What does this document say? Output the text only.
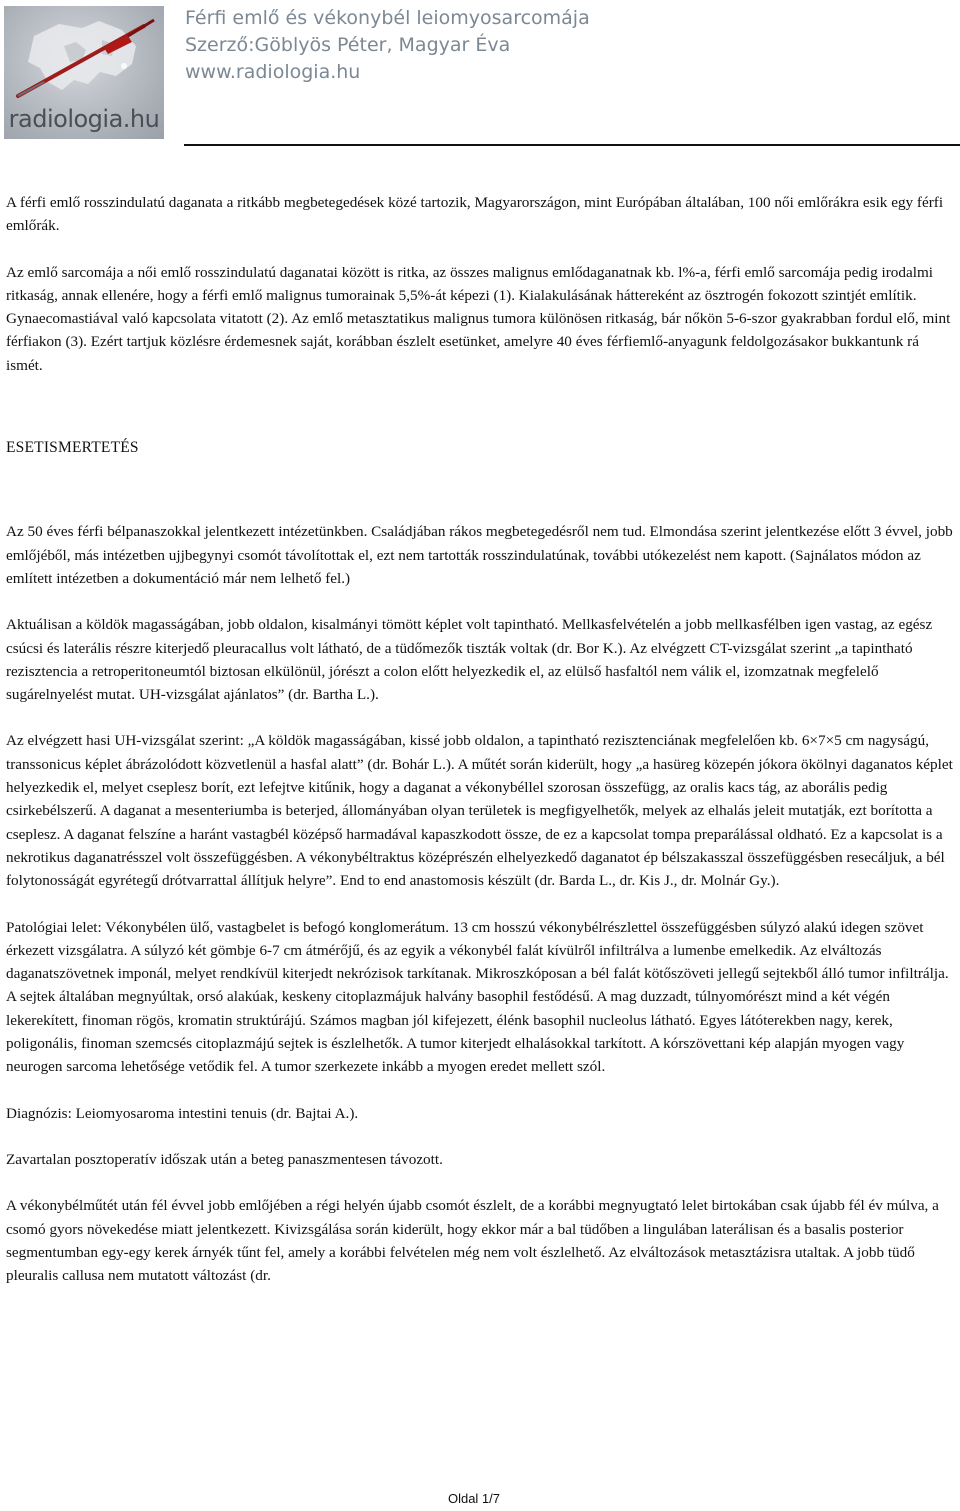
radiologia.hu
Férfi emlő és vékonybél leiomyosarcomája
Szerző:Göblyös Péter, Magyar Éva
www.radiologia.hu

A férfi emlő rosszindulatú daganata a ritkább megbetegedések közé tartozik, Magyarországon, mint Európában általában, 100 női emlőrákra esik egy férfi emlőrák.

Az emlő sarcomája a női emlő rosszindulatú daganatai között is ritka, az összes malignus emlődaganatnak kb. l%-a, férfi emlő sarcomája pedig irodalmi ritkaság, annak ellenére, hogy a férfi emlő malignus tumorainak 5,5%-át képezi (1). Kialakulásának háttereként az ösztrogén fokozott szintjét említik. Gynaecomastiával való kapcsolata vitatott (2). Az emlő metasztatikus malignus tumora különösen ritkaság, bár nőkön 5-6-szor gyakrabban fordul elő, mint férfiakon (3). Ezért tartjuk közlésre érdemesnek saját, korábban észlelt esetünket, amelyre 40 éves férfiemlő-anyagunk feldolgozásakor bukkantunk rá ismét.

ESETISMERTETÉS

Az 50 éves férfi bélpanaszokkal jelentkezett intézetünkben. Családjában rákos megbetegedésről nem tud. Elmondása szerint jelentkezése előtt 3 évvel, jobb emlőjéből, más intézetben ujjbegynyi csomót távolítottak el, ezt nem tartották rosszindulatúnak, további utókezelést nem kapott. (Sajnálatos módon az említett intézetben a dokumentáció már nem lelhető fel.)

Aktuálisan a köldök magasságában, jobb oldalon, kisalmányi tömött képlet volt tapintható. Mellkasfelvételén a jobb mellkasfélben igen vastag, az egész csúcsi és laterális részre kiterjedő pleuracallus volt látható, de a tüdőmezők tiszták voltak (dr. Bor K.). Az elvégzett CT-vizsgálat szerint „a tapintható rezisztencia a retroperitoneumtól biztosan elkülönül, jórészt a colon előtt helyezkedik el, az elülső hasfaltól nem válik el, izomzatnak megfelelő sugárelnyelést mutat. UH-vizsgálat ajánlatos” (dr. Bartha L.).

Az elvégzett hasi UH-vizsgálat szerint: „A köldök magasságában, kissé jobb oldalon, a tapintható rezisztenciának megfelelően kb. 6×7×5 cm nagyságú, transsonicus képlet ábrázolódott közvetlenül a hasfal alatt” (dr. Bohár L.). A műtét során kiderült, hogy „a hasüreg közepén jókora ökölnyi daganatos képlet helyezkedik el, melyet cseplesz borít, ezt lefejtve kitűnik, hogy a daganat a vékonybéllel szorosan összefügg, az oralis kacs tág, az aborális pedig csirkebélszerű. A daganat a mesenteriumba is beterjed, állományában olyan területek is megfigyelhetők, melyek az elhalás jeleit mutatják, ezt borította a cseplesz. A daganat felszíne a haránt vastagbél középső harmadával kapaszkodott össze, de ez a kapcsolat tompa preparálással oldható. Ez a kapcsolat is a nekrotikus daganatrésszel volt összefüggésben. A vékonybéltraktus középrészén elhelyezkedő daganatot ép bélszakasszal összefüggésben resecáljuk, a bél folytonosságát egyrétegű drótvarrattal állítjuk helyre”. End to end anastomosis készült (dr. Barda L., dr. Kis J., dr. Molnár Gy.).

Patológiai lelet: Vékonybélen ülő, vastagbelet is befogó konglomerátum. 13 cm hosszú vékonybélrészlettel összefüggésben súlyzó alakú idegen szövet érkezett vizsgálatra. A súlyzó két gömbje 6-7 cm átmérőjű, és az egyik a vékonybél falát kívülről infiltrálva a lumenbe emelkedik. Az elváltozás daganatszövetnek imponál, melyet rendkívül kiterjedt nekrózisok tarkítanak. Mikroszkóposan a bél falát kötőszöveti jellegű sejtekből álló tumor infiltrálja. A sejtek általában megnyúltak, orsó alakúak, keskeny citoplazmájuk halvány basophil festődésű. A mag duzzadt, túlnyomórészt mind a két végén lekerekített, finoman rögös, kromatin struktúrájú. Számos magban jól kifejezett, élénk basophil nucleolus látható. Egyes látóterekben nagy, kerek, poligonális, finoman szemcsés citoplazmájú sejtek is észlelhetők. A tumor kiterjedt elhalásokkal tarkított. A kórszövettani kép alapján myogen vagy neurogen sarcoma lehetősége vetődik fel. A tumor szerkezete inkább a myogen eredet mellett szól.

Diagnózis: Leiomyosaroma intestini tenuis (dr. Bajtai A.).

Zavartalan posztoperatív időszak után a beteg panaszmentesen távozott.

A vékonybélműtét után fél évvel jobb emlőjében a régi helyén újabb csomót észlelt, de a korábbi megnyugtató lelet birtokában csak újabb fél év múlva, a csomó gyors növekedése miatt jelentkezett. Kivizsgálása során kiderült, hogy ekkor már a bal tüdőben a lingulában laterálisan és a basalis posterior segmentumban egy-egy kerek árnyék tűnt fel, amely a korábbi felvételen még nem volt észlelhető. Az elváltozások metasztázisra utaltak. A jobb tüdő pleuralis callusa nem mutatott változást (dr.

Oldal 1/7
